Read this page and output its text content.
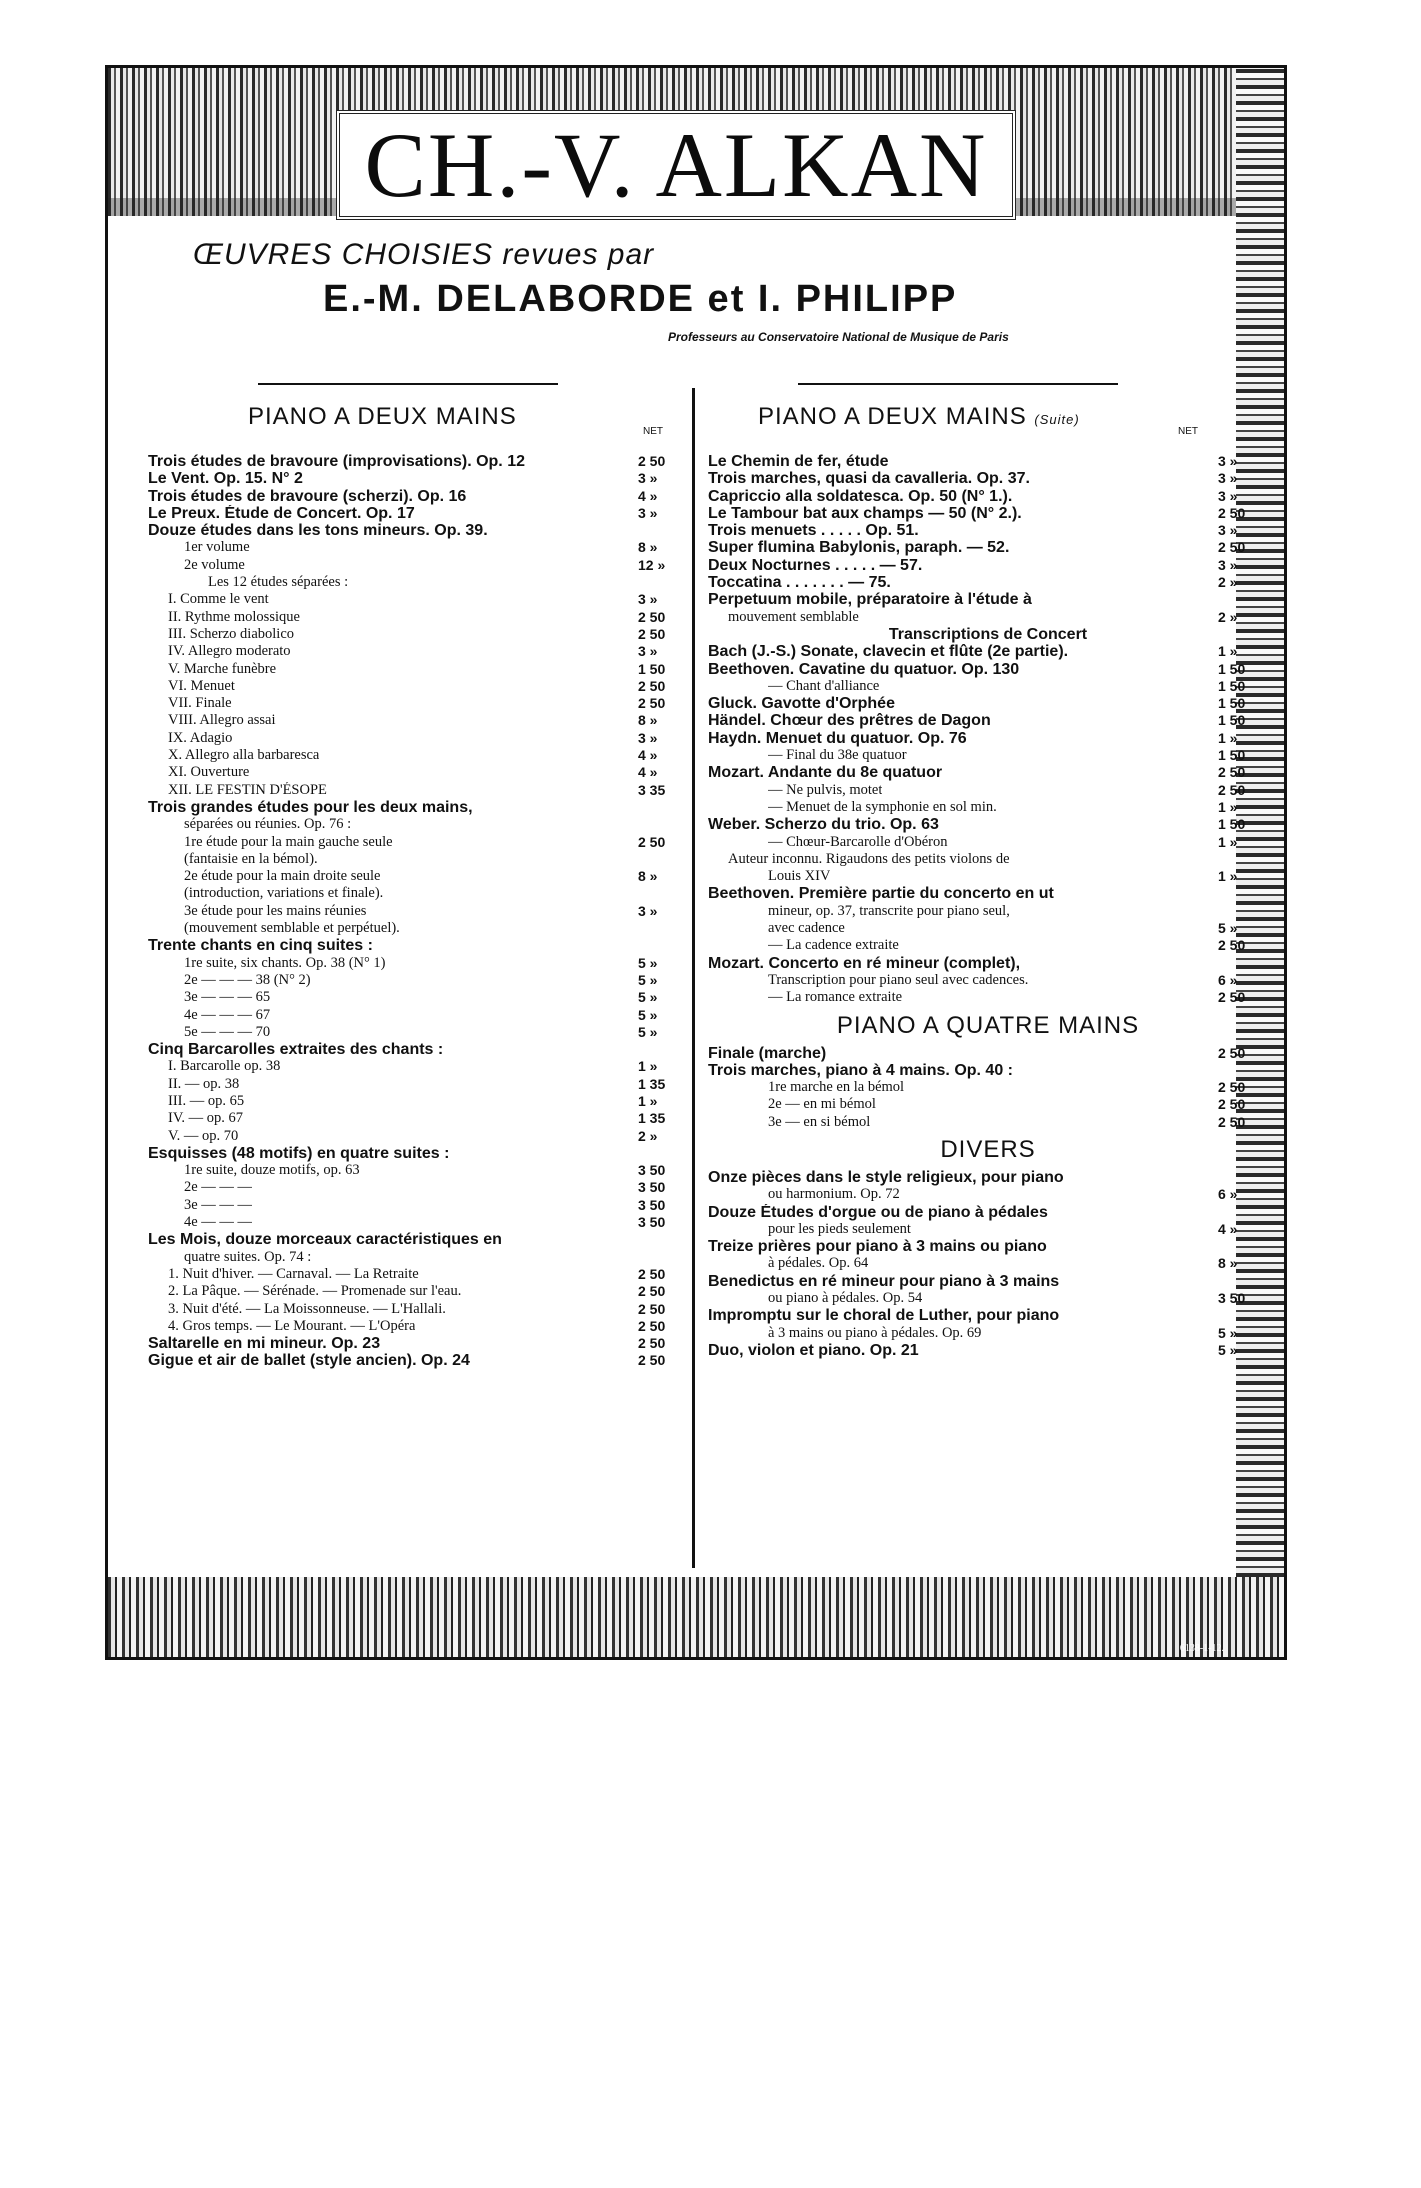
CH.-V. ALKAN
ŒUVRES CHOISIES revues par
E.-M. DELABORDE et I. PHILIPP
Professeurs au Conservatoire National de Musique de Paris
PIANO A DEUX MAINS	PIANO A DEUX MAINS (Suite)
NET	NET
Trois études de bravoure (improvisations). Op. 12	2 50
Le Vent. Op. 15. N° 2	3 »
Trois études de bravoure (scherzi). Op. 16	4 »
Le Preux. Étude de Concert. Op. 17	3 »
Douze études dans les tons mineurs. Op. 39.
1er volume	8 »
2e volume	12 »
Les 12 études séparées :
I. Comme le vent	3 »
II. Rythme molossique	2 50
III. Scherzo diabolico	2 50
IV. Allegro moderato	3 »
V. Marche funèbre	1 50
VI. Menuet	2 50
VII. Finale	2 50
VIII. Allegro assai	8 »
IX. Adagio	3 »
X. Allegro alla barbaresca	4 »
XI. Ouverture	4 »
XII. LE FESTIN D'ÉSOPE	3 35
Trois grandes études pour les deux mains,
séparées ou réunies. Op. 76 :
1re étude pour la main gauche seule	2 50
(fantaisie en la bémol).
2e étude pour la main droite seule	8 »
(introduction, variations et finale).
3e étude pour les mains réunies	3 »
(mouvement semblable et perpétuel).
Trente chants en cinq suites :
1re suite, six chants. Op. 38 (N° 1)	5 »
2e — — — 38 (N° 2)	5 »
3e — — — 65	5 »
4e — — — 67	5 »
5e — — — 70	5 »
Cinq Barcarolles extraites des chants :
I. Barcarolle op. 38	1 »
II. — op. 38	1 35
III. — op. 65	1 »
IV. — op. 67	1 35
V. — op. 70	2 »
Esquisses (48 motifs) en quatre suites :
1re suite, douze motifs, op. 63	3 50
2e — — —	3 50
3e — — —	3 50
4e — — —	3 50
Les Mois, douze morceaux caractéristiques en
quatre suites. Op. 74 :
1. Nuit d'hiver. — Carnaval. — La Retraite	2 50
2. La Pâque. — Sérénade. — Promenade sur l'eau.	2 50
3. Nuit d'été. — La Moissonneuse. — L'Hallali.	2 50
4. Gros temps. — Le Mourant. — L'Opéra	2 50
Saltarelle en mi mineur. Op. 23	2 50
Gigue et air de ballet (style ancien). Op. 24	2 50
Le Chemin de fer, étude	3 »
Trois marches, quasi da cavalleria. Op. 37.	3 »
Capriccio alla soldatesca. Op. 50 (N° 1.).	3 »
Le Tambour bat aux champs — 50 (N° 2.).	2 50
Trois menuets . . . . . Op. 51.	3 »
Super flumina Babylonis, paraph. — 52.	2 50
Deux Nocturnes . . . . . — 57.	3 »
Toccatina . . . . . . . — 75.	2 »
Perpetuum mobile, préparatoire à l'étude à
mouvement semblable	2 »
Transcriptions de Concert
Bach (J.-S.) Sonate, clavecin et flûte (2e partie).	1 »
Beethoven. Cavatine du quatuor. Op. 130	1 50
— Chant d'alliance	1 50
Gluck. Gavotte d'Orphée	1 50
Händel. Chœur des prêtres de Dagon	1 50
Haydn. Menuet du quatuor. Op. 76	1 »
— Final du 38e quatuor	1 50
Mozart. Andante du 8e quatuor	2 50
— Ne pulvis, motet	2 50
— Menuet de la symphonie en sol min.	1 »
Weber. Scherzo du trio. Op. 63	1 50
— Chœur-Barcarolle d'Obéron	1 »
Auteur inconnu. Rigaudons des petits violons de
Louis XIV	1 »
Beethoven. Première partie du concerto en ut
mineur, op. 37, transcrite pour piano seul,
avec cadence	5 »
— La cadence extraite	2 50
Mozart. Concerto en ré mineur (complet),
Transcription pour piano seul avec cadences.	6 »
— La romance extraite	2 50
PIANO A QUATRE MAINS
Finale (marche)	2 50
Trois marches, piano à 4 mains. Op. 40 :
1re marche en la bémol	2 50
2e — en mi bémol	2 50
3e — en si bémol	2 50
DIVERS
Onze pièces dans le style religieux, pour piano
ou harmonium. Op. 72	6 »
Douze Études d'orgue ou de piano à pédales
pour les pieds seulement	4 »
Treize prières pour piano à 3 mains ou piano
à pédales. Op. 64	8 »
Benedictus en ré mineur pour piano à 3 mains
ou piano à pédales. Op. 54	3 50
Impromptu sur le choral de Luther, pour piano
à 3 mains ou piano à pédales. Op. 69	5 »
Duo, violon et piano. Op. 21	5 »
6138-1-12.
